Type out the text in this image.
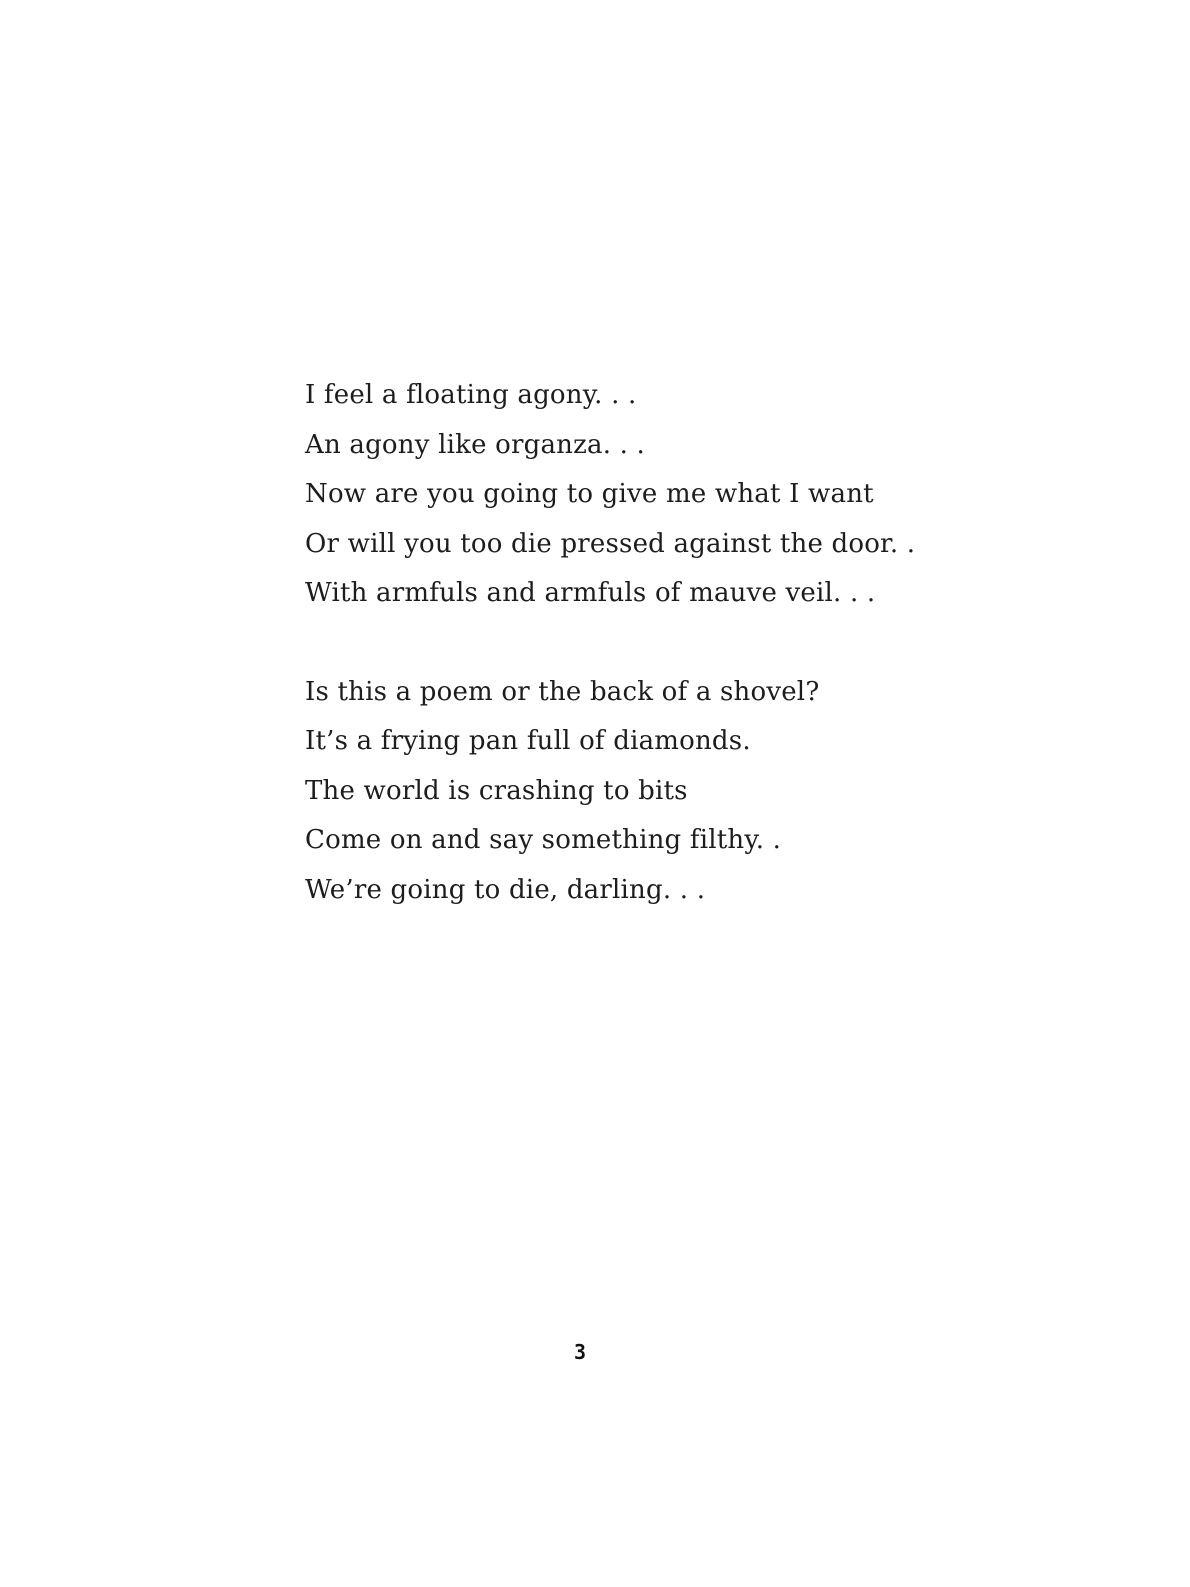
I feel a floating agony. . .
An agony like organza. . .
Now are you going to give me what I want
Or will you too die pressed against the door. .
With armfuls and armfuls of mauve veil. . .
Is this a poem or the back of a shovel?
It’s a frying pan full of diamonds.
The world is crashing to bits
Come on and say something filthy. .
We’re going to die, darling. . .
3
